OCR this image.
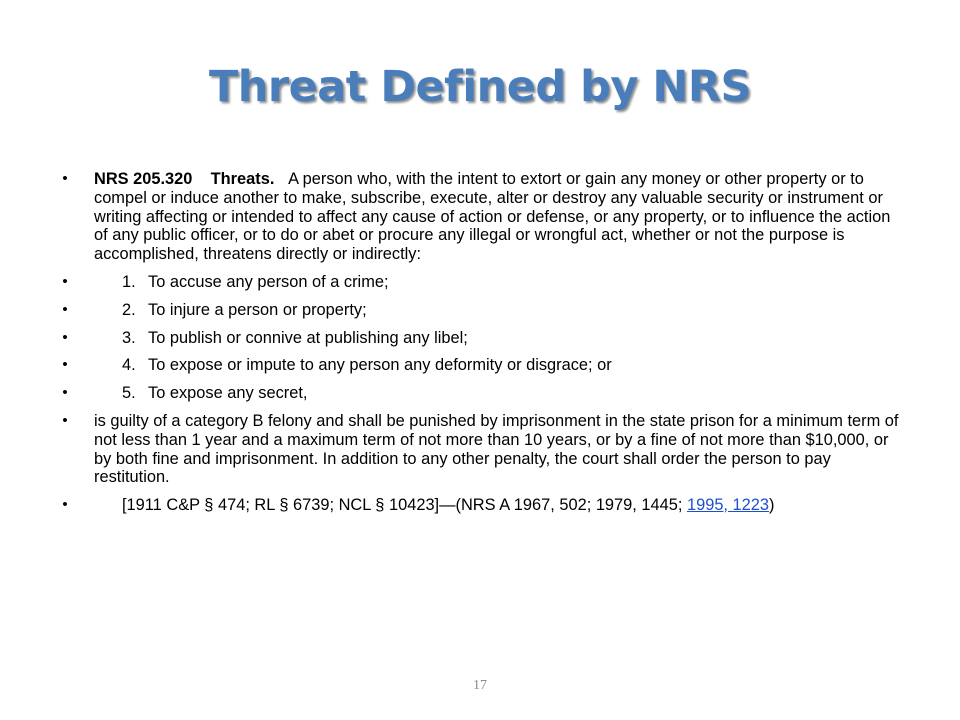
Threat Defined by NRS
• NRS 205.320 Threats. A person who, with the intent to extort or gain any money or other property or to compel or induce another to make, subscribe, execute, alter or destroy any valuable security or instrument or writing affecting or intended to affect any cause of action or defense, or any property, or to influence the action of any public officer, or to do or abet or procure any illegal or wrongful act, whether or not the purpose is accomplished, threatens directly or indirectly:
•	1. To accuse any person of a crime;
•	2. To injure a person or property;
•	3. To publish or connive at publishing any libel;
•	4. To expose or impute to any person any deformity or disgrace; or
•	5. To expose any secret,
• is guilty of a category B felony and shall be punished by imprisonment in the state prison for a minimum term of not less than 1 year and a maximum term of not more than 10 years, or by a fine of not more than $10,000, or by both fine and imprisonment. In addition to any other penalty, the court shall order the person to pay restitution.
•	[1911 C&P § 474; RL § 6739; NCL § 10423]—(NRS A 1967, 502; 1979, 1445; 1995, 1223)
17
